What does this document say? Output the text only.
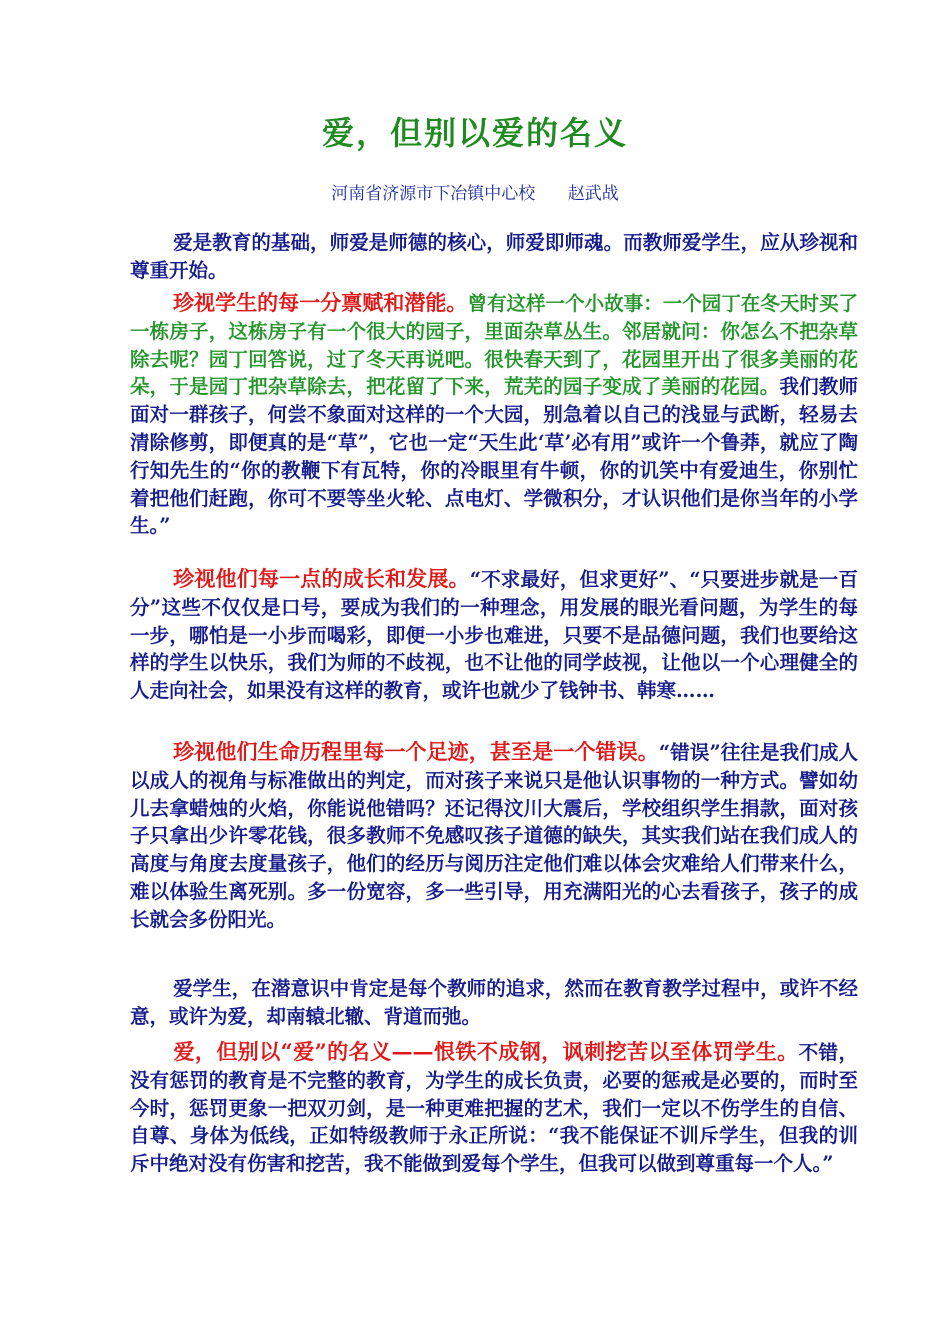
爱，但别以爱的名义
河南省济源市下冶镇中心校      赵武战

爱是教育的基础，师爱是师德的核心，师爱即师魂。而教师爱学生，应从珍视和尊重开始。

珍视学生的每一分禀赋和潜能。曾有这样一个小故事：一个园丁在冬天时买了一栋房子，这栋房子有一个很大的园子，里面杂草丛生。邻居就问：你怎么不把杂草除去呢？园丁回答说，过了冬天再说吧。很快春天到了，花园里开出了很多美丽的花朵，于是园丁把杂草除去，把花留了下来，荒芜的园子变成了美丽的花园。我们教师面对一群孩子，何尝不象面对这样的一个大园，别急着以自己的浅显与武断，轻易去清除修剪，即便真的是“草”，它也一定“天生此‘草’必有用”或许一个鲁莽，就应了陶行知先生的“你的教鞭下有瓦特，你的冷眼里有牛顿，你的讥笑中有爱迪生，你别忙着把他们赶跑，你可不要等坐火轮、点电灯、学微积分，才认识他们是你当年的小学生。”

珍视他们每一点的成长和发展。“不求最好，但求更好”、“只要进步就是一百分”这些不仅仅是口号，要成为我们的一种理念，用发展的眼光看问题，为学生的每一步，哪怕是一小步而喝彩，即便一小步也难进，只要不是品德问题，我们也要给这样的学生以快乐，我们为师的不歧视，也不让他的同学歧视，让他以一个心理健全的人走向社会，如果没有这样的教育，或许也就少了钱钟书、韩寒……

珍视他们生命历程里每一个足迹，甚至是一个错误。“错误”往往是我们成人以成人的视角与标准做出的判定，而对孩子来说只是他认识事物的一种方式。譬如幼儿去拿蜡烛的火焰，你能说他错吗？还记得汶川大震后，学校组织学生捐款，面对孩子只拿出少许零花钱，很多教师不免感叹孩子道德的缺失，其实我们站在我们成人的高度与角度去度量孩子，他们的经历与阅历注定他们难以体会灾难给人们带来什么，难以体验生离死别。多一份宽容，多一些引导，用充满阳光的心去看孩子，孩子的成长就会多份阳光。

爱学生，在潜意识中肯定是每个教师的追求，然而在教育教学过程中，或许不经意，或许为爱，却南辕北辙、背道而弛。

爱，但别以“爱”的名义——恨铁不成钢，讽刺挖苦以至体罚学生。不错，没有惩罚的教育是不完整的教育，为学生的成长负责，必要的惩戒是必要的，而时至今时，惩罚更象一把双刃剑，是一种更难把握的艺术，我们一定以不伤学生的自信、自尊、身体为低线，正如特级教师于永正所说：“我不能保证不训斥学生，但我的训斥中绝对没有伤害和挖苦，我不能做到爱每个学生，但我可以做到尊重每一个人。”
